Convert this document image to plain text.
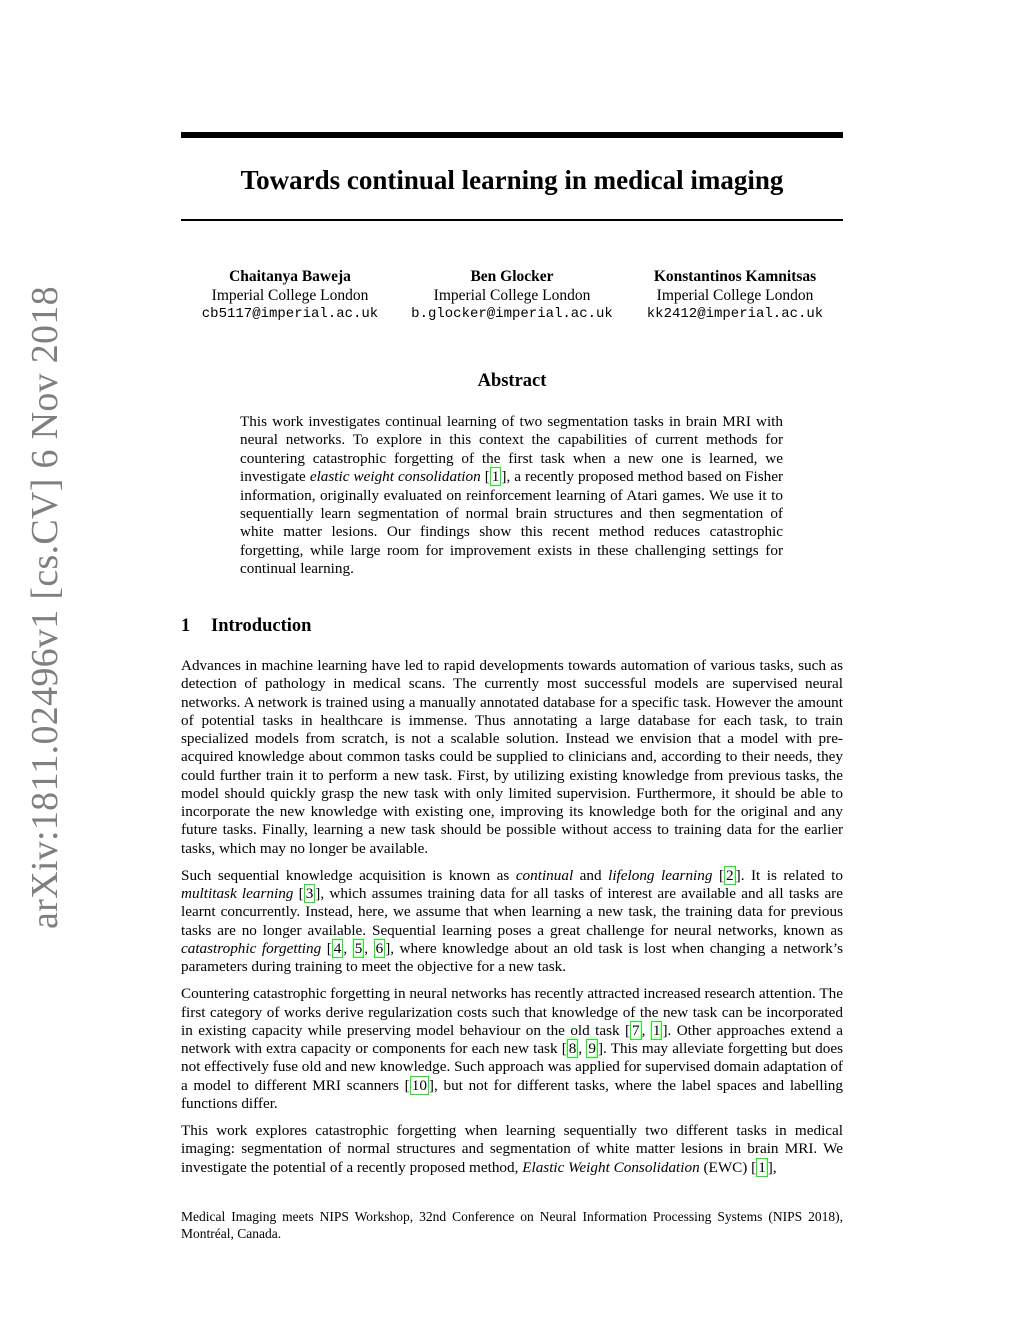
Towards continual learning in medical imaging
Chaitanya Baweja
Imperial College London
cb5117@imperial.ac.uk
Ben Glocker
Imperial College London
b.glocker@imperial.ac.uk
Konstantinos Kamnitsas
Imperial College London
kk2412@imperial.ac.uk
arXiv:1811.02496v1 [cs.CV] 6 Nov 2018	Abstract
This work investigates continual learning of two segmentation tasks in brain MRI with neural networks. To explore in this context the capabilities of current methods for countering catastrophic forgetting of the first task when a new one is learned, we investigate elastic weight consolidation [ 1 ], a recently proposed method based on Fisher information, originally evaluated on reinforcement learning of Atari games. We use it to sequentially learn segmentation of normal brain structures and then segmentation of white matter lesions. Our findings show this recent method reduces catastrophic forgetting, while large room for improvement exists in these challenging settings for continual learning.
1 Introduction

Advances in machine learning have led to rapid developments towards automation of various tasks, such as detection of pathology in medical scans. The currently most successful models are supervised neural networks. A network is trained using a manually annotated database for a specific task. However the amount of potential tasks in healthcare is immense. Thus annotating a large database for each task, to train specialized models from scratch, is not a scalable solution. Instead we envision that a model with pre-acquired knowledge about common tasks could be supplied to clinicians and, according to their needs, they could further train it to perform a new task. First, by utilizing existing knowledge from previous tasks, the model should quickly grasp the new task with only limited supervision. Furthermore, it should be able to incorporate the new knowledge with existing one, improving its knowledge both for the original and any future tasks. Finally, learning a new task should be possible without access to training data for the earlier tasks, which may no longer be available.

Such sequential knowledge acquisition is known as continual and lifelong learning [ 2 ]. It is related to multitask learning [ 3 ], which assumes training data for all tasks of interest are available and all tasks are learnt concurrently. Instead, here, we assume that when learning a new task, the training data for previous tasks are no longer available. Sequential learning poses a great challenge for neural networks, known as catastrophic forgetting [ 4 , 5 , 6 ], where knowledge about an old task is lost when changing a network’s parameters during training to meet the objective for a new task.

Countering catastrophic forgetting in neural networks has recently attracted increased research attention. The first category of works derive regularization costs such that knowledge of the new task can be incorporated in existing capacity while preserving model behaviour on the old task [ 7 , 1 ]. Other approaches extend a network with extra capacity or components for each new task [ 8 , 9 ]. This may alleviate forgetting but does not effectively fuse old and new knowledge. Such approach was applied for supervised domain adaptation of a model to different MRI scanners [ 10 ], but not for different tasks, where the label spaces and labelling functions differ.

This work explores catastrophic forgetting when learning sequentially two different tasks in medical imaging: segmentation of normal structures and segmentation of white matter lesions in brain MRI. We investigate the potential of a recently proposed method, Elastic Weight Consolidation (EWC) [ 1 ],

Medical Imaging meets NIPS Workshop, 32nd Conference on Neural Information Processing Systems (NIPS 2018), Montréal, Canada.
